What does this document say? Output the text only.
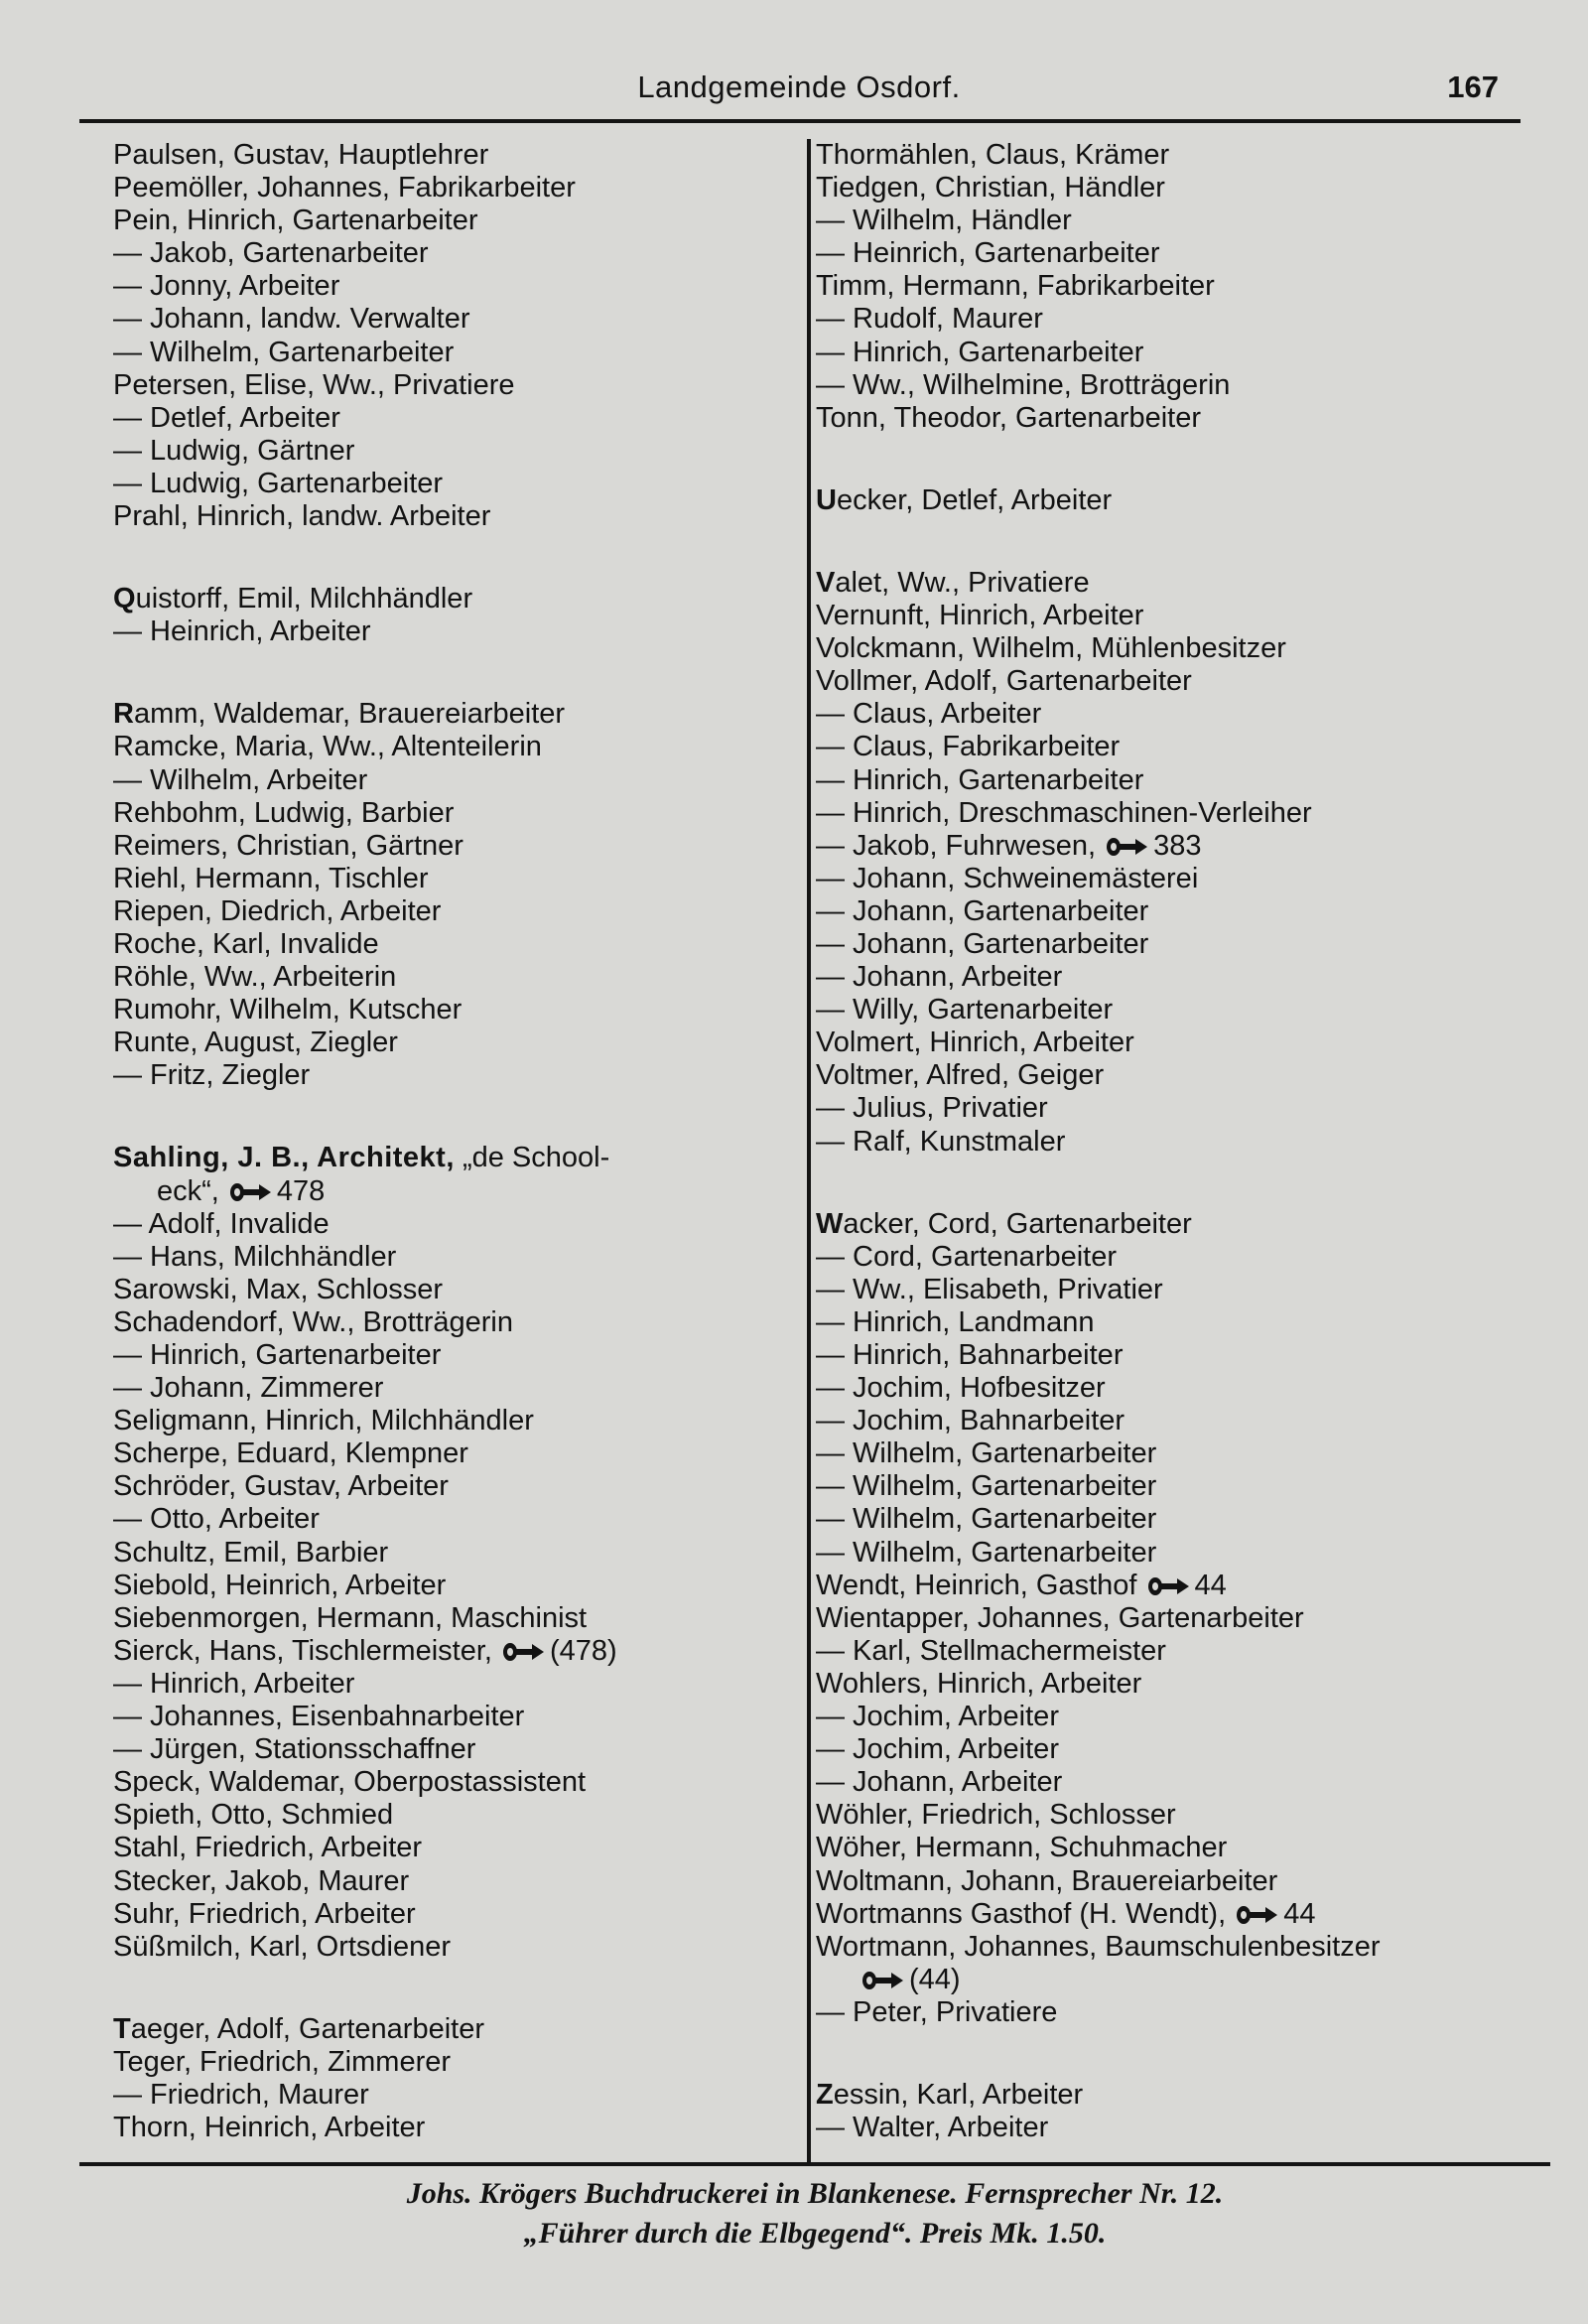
Landgemeinde Osdorf.	167
Paulsen, Gustav, Hauptlehrer
Peemöller, Johannes, Fabrikarbeiter
Pein, Hinrich, Gartenarbeiter
— Jakob, Gartenarbeiter
— Jonny, Arbeiter
— Johann, landw. Verwalter
— Wilhelm, Gartenarbeiter
Petersen, Elise, Ww., Privatiere
— Detlef, Arbeiter
— Ludwig, Gärtner
— Ludwig, Gartenarbeiter
Prahl, Hinrich, landw. Arbeiter
Quistorff, Emil, Milchhändler
— Heinrich, Arbeiter
Ramm, Waldemar, Brauereiarbeiter
Ramcke, Maria, Ww., Altenteilerin
— Wilhelm, Arbeiter
Rehbohm, Ludwig, Barbier
Reimers, Christian, Gärtner
Riehl, Hermann, Tischler
Riepen, Diedrich, Arbeiter
Roche, Karl, Invalide
Röhle, Ww., Arbeiterin
Rumohr, Wilhelm, Kutscher
Runte, August, Ziegler
— Fritz, Ziegler
Sahling, J. B., Architekt, „de School-
eck“, 478
— Adolf, Invalide
— Hans, Milchhändler
Sarowski, Max, Schlosser
Schadendorf, Ww., Brotträgerin
— Hinrich, Gartenarbeiter
— Johann, Zimmerer
Seligmann, Hinrich, Milchhändler
Scherpe, Eduard, Klempner
Schröder, Gustav, Arbeiter
— Otto, Arbeiter
Schultz, Emil, Barbier
Siebold, Heinrich, Arbeiter
Siebenmorgen, Hermann, Maschinist
Sierck, Hans, Tischlermeister, (478)
— Hinrich, Arbeiter
— Johannes, Eisenbahnarbeiter
— Jürgen, Stationsschaffner
Speck, Waldemar, Oberpostassistent
Spieth, Otto, Schmied
Stahl, Friedrich, Arbeiter
Stecker, Jakob, Maurer
Suhr, Friedrich, Arbeiter
Süßmilch, Karl, Ortsdiener
Taeger, Adolf, Gartenarbeiter
Teger, Friedrich, Zimmerer
— Friedrich, Maurer
Thorn, Heinrich, Arbeiter
Thormählen, Claus, Krämer
Tiedgen, Christian, Händler
— Wilhelm, Händler
— Heinrich, Gartenarbeiter
Timm, Hermann, Fabrikarbeiter
— Rudolf, Maurer
— Hinrich, Gartenarbeiter
— Ww., Wilhelmine, Brotträgerin
Tonn, Theodor, Gartenarbeiter
Uecker, Detlef, Arbeiter
Valet, Ww., Privatiere
Vernunft, Hinrich, Arbeiter
Volckmann, Wilhelm, Mühlenbesitzer
Vollmer, Adolf, Gartenarbeiter
— Claus, Arbeiter
— Claus, Fabrikarbeiter
— Hinrich, Gartenarbeiter
— Hinrich, Dreschmaschinen-Verleiher
— Jakob, Fuhrwesen, 383
— Johann, Schweinemästerei
— Johann, Gartenarbeiter
— Johann, Gartenarbeiter
— Johann, Arbeiter
— Willy, Gartenarbeiter
Volmert, Hinrich, Arbeiter
Voltmer, Alfred, Geiger
— Julius, Privatier
— Ralf, Kunstmaler
Wacker, Cord, Gartenarbeiter
— Cord, Gartenarbeiter
— Ww., Elisabeth, Privatier
— Hinrich, Landmann
— Hinrich, Bahnarbeiter
— Jochim, Hofbesitzer
— Jochim, Bahnarbeiter
— Wilhelm, Gartenarbeiter
— Wilhelm, Gartenarbeiter
— Wilhelm, Gartenarbeiter
— Wilhelm, Gartenarbeiter
Wendt, Heinrich, Gasthof 44
Wientapper, Johannes, Gartenarbeiter
— Karl, Stellmachermeister
Wohlers, Hinrich, Arbeiter
— Jochim, Arbeiter
— Jochim, Arbeiter
— Johann, Arbeiter
Wöhler, Friedrich, Schlosser
Wöher, Hermann, Schuhmacher
Woltmann, Johann, Brauereiarbeiter
Wortmanns Gasthof (H. Wendt), 44
Wortmann, Johannes, Baumschulenbesitzer
(44)
— Peter, Privatiere
Zessin, Karl, Arbeiter
— Walter, Arbeiter
Johs. Krögers Buchdruckerei in Blankenese. Fernsprecher Nr. 12.
„Führer durch die Elbgegend“. Preis Mk. 1.50.
